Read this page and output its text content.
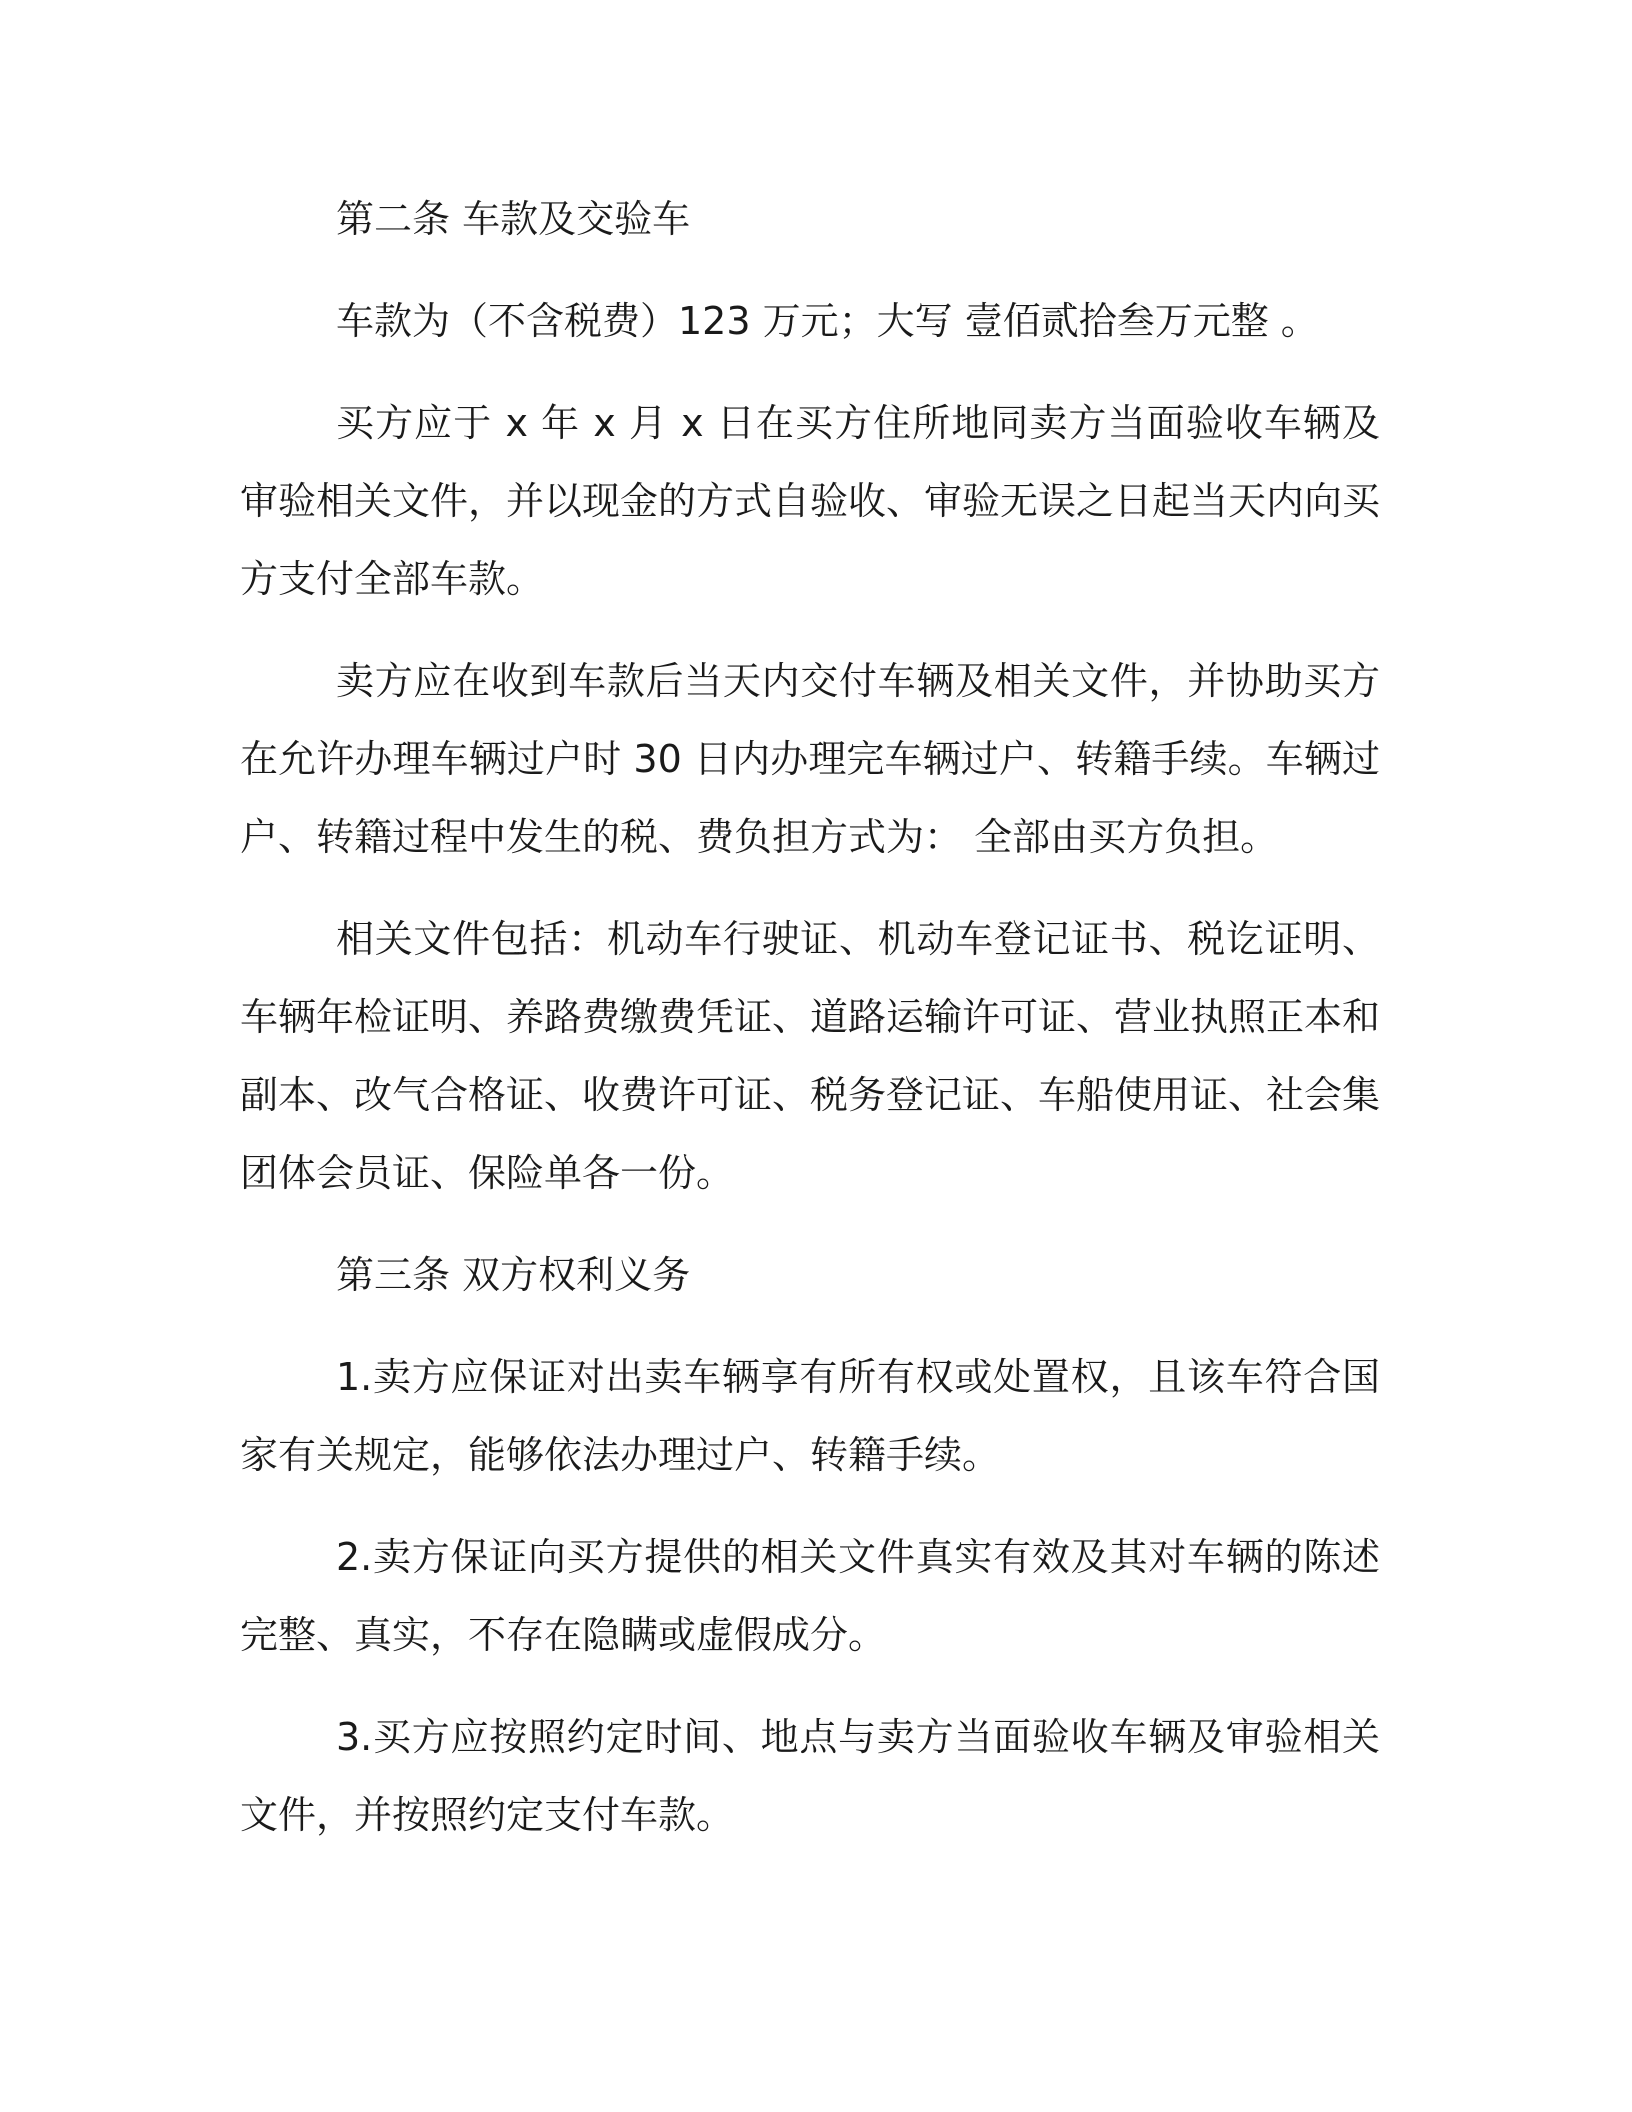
第二条 车款及交验车

车款为（不含税费）123 万元；大写 壹佰贰拾叁万元整 。

买方应于 x 年 x 月 x 日在买方住所地同卖方当面验收车辆及审验相关文件，并以现金的方式自验收、审验无误之日起当天内向买方支付全部车款。

卖方应在收到车款后当天内交付车辆及相关文件，并协助买方在允许办理车辆过户时 30 日内办理完车辆过户、转籍手续。车辆过户、转籍过程中发生的税、费负担方式为： 全部由买方负担。

相关文件包括：机动车行驶证、机动车登记证书、税讫证明、车辆年检证明、养路费缴费凭证、道路运输许可证、营业执照正本和副本、改气合格证、收费许可证、税务登记证、车船使用证、社会集团体会员证、保险单各一份。

第三条 双方权利义务

1.卖方应保证对出卖车辆享有所有权或处置权，且该车符合国家有关规定，能够依法办理过户、转籍手续。

2.卖方保证向买方提供的相关文件真实有效及其对车辆的陈述完整、真实，不存在隐瞒或虚假成分。

3.买方应按照约定时间、地点与卖方当面验收车辆及审验相关文件，并按照约定支付车款。
